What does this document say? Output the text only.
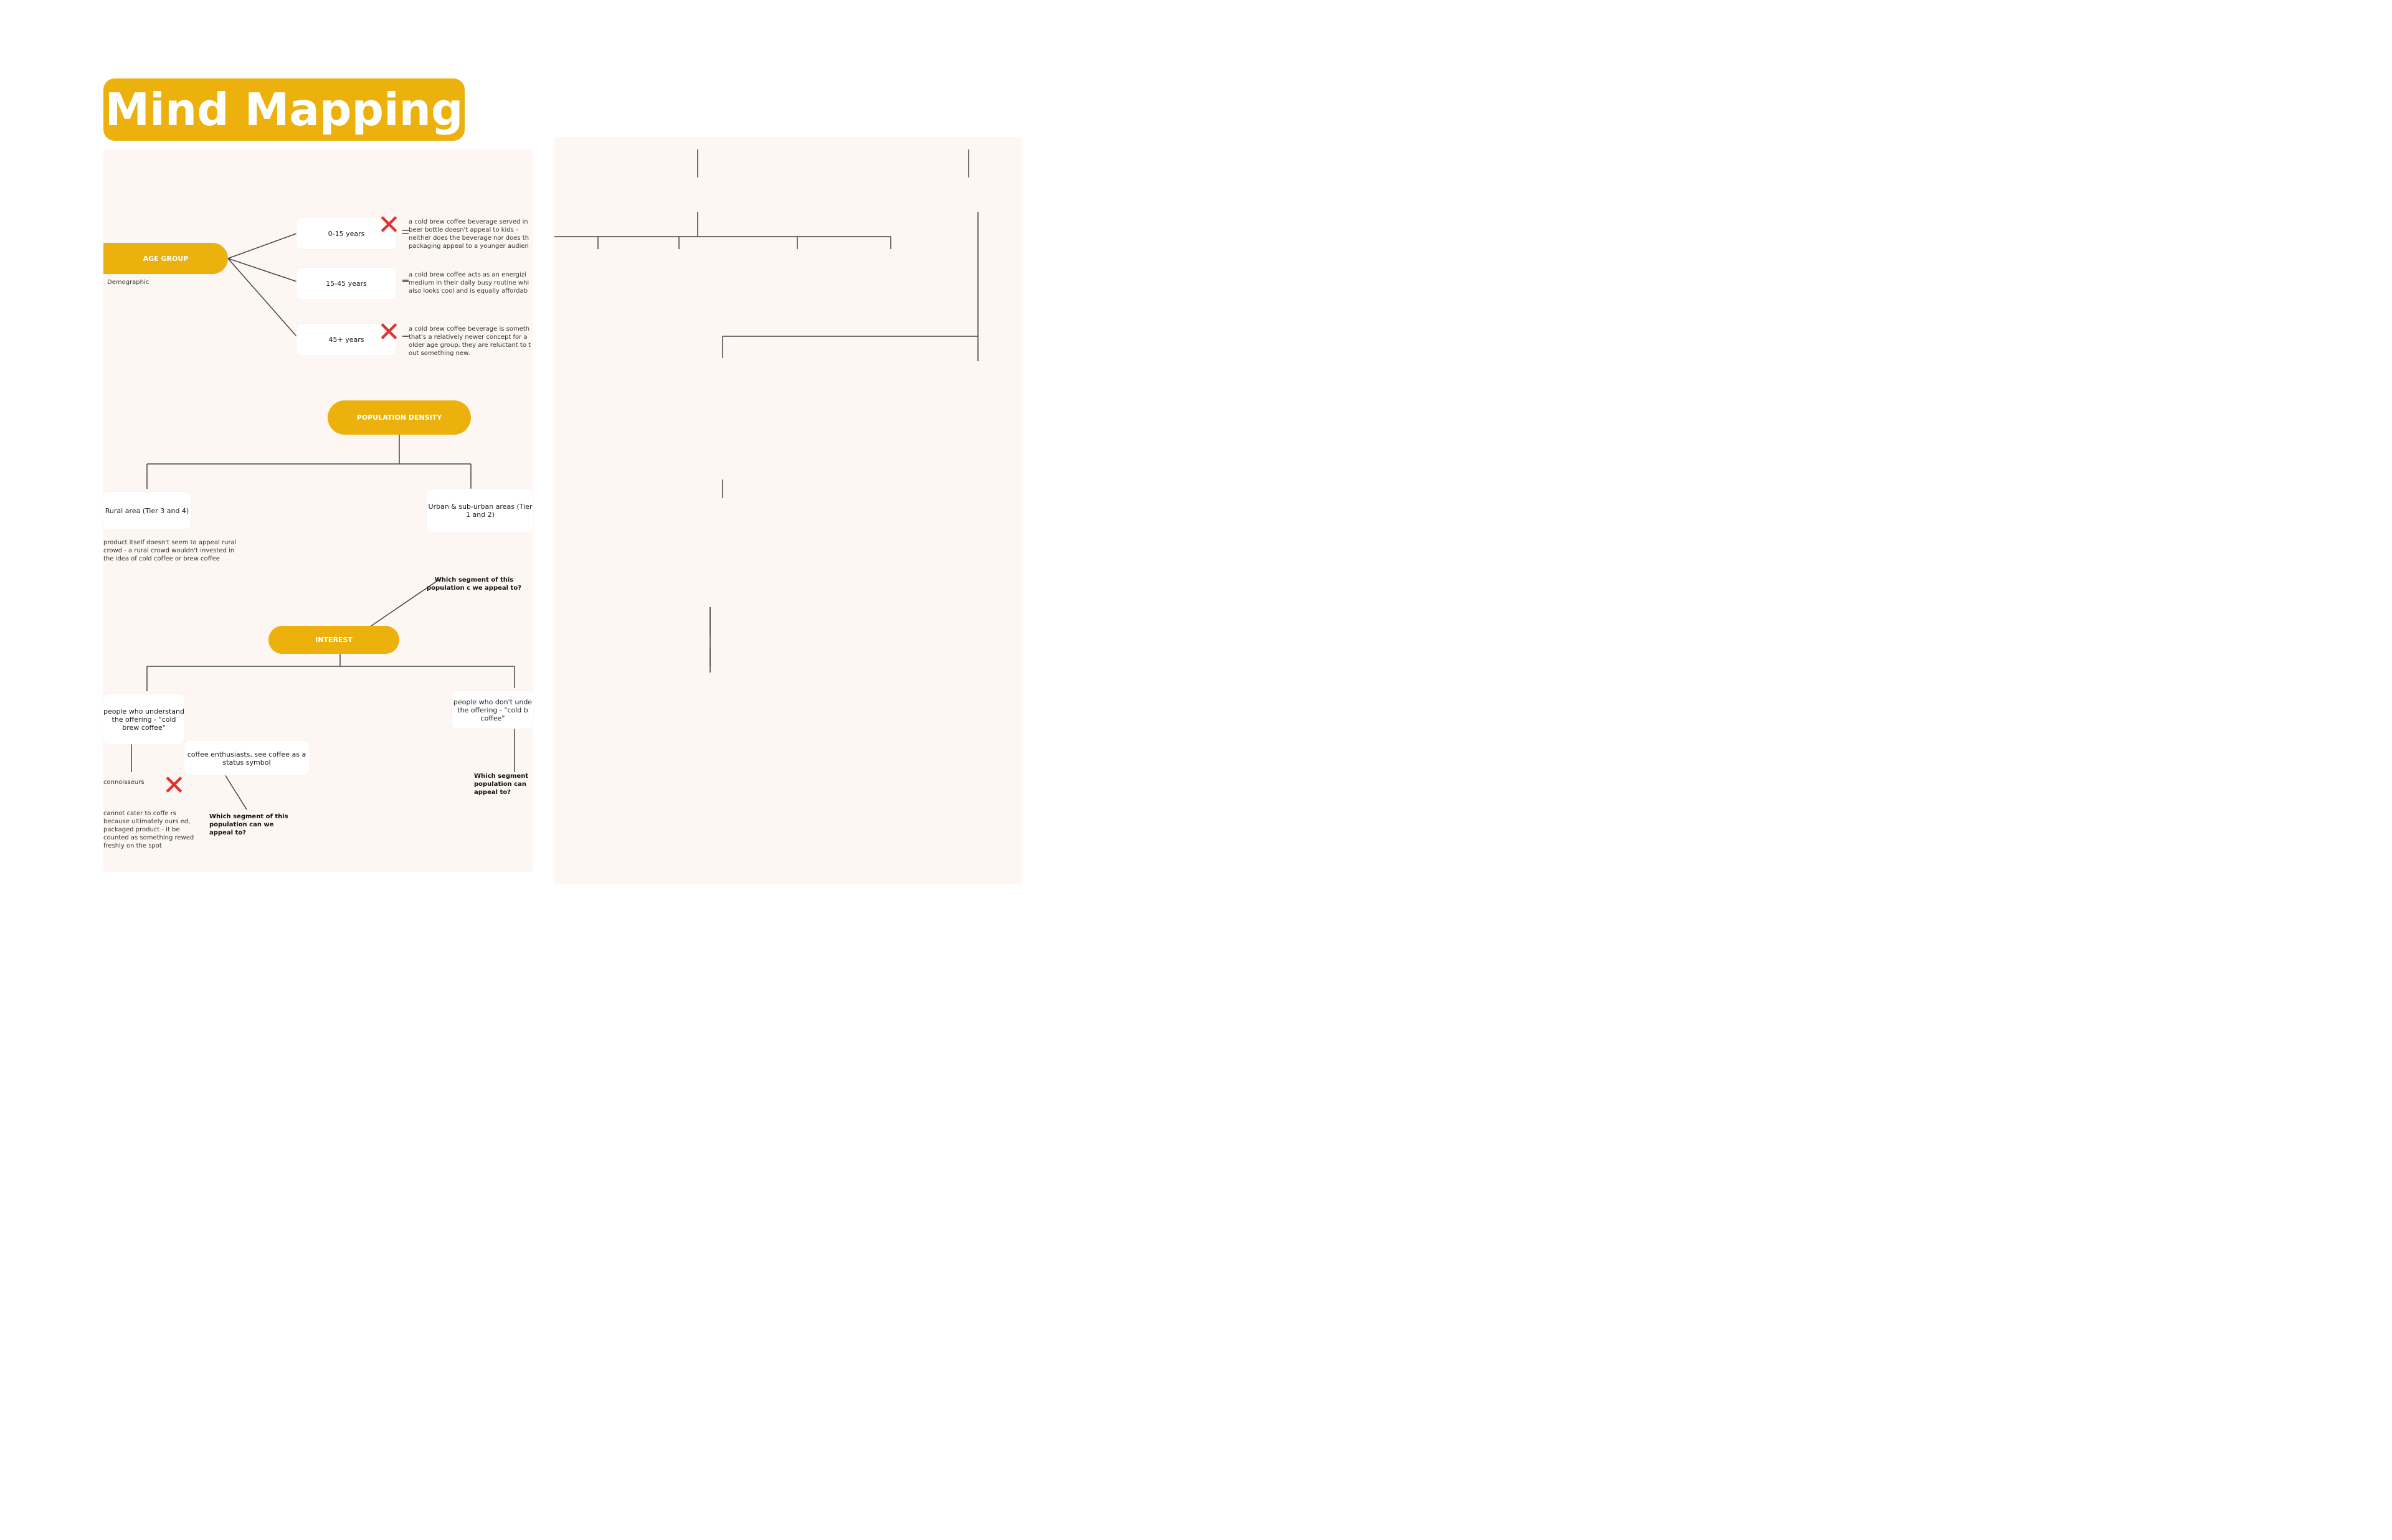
Mind Mapping
AGE GROUP
Demographic
0-15 years ✕ a cold brew coffee beverage served in beer bottle doesn't appeal to kids - neither does the beverage nor does th packaging appeal to a younger audien
15-45 years
a cold brew coffee acts as an energizi medium in their daily busy routine whi also looks cool and is equally affordab
45+ years ✕ a cold brew coffee beverage is someth that's a relatively newer concept for a older age group, they are reluctant to t out something new.
POPULATION DENSITY
Rural area (Tier 3 and 4)
product itself doesn't seem to appeal rural crowd - a rural crowd wouldn't invested in the idea of cold coffee or brew coffee
Urban & sub-urban areas (Tier 1 and 2)
Which segment of this population c we appeal to?
INTEREST
people who understand the offering - "cold brew coffee"
people who don't unde the offering - "cold b coffee"
coffee enthusiasts, see coffee as a status symbol
connoisseurs ✕
cannot cater to coffe rs because ultimately ours ed, packaged product - it be counted as something rewed freshly on the spot
Which segment of this population can we appeal to?
Which segment population can appeal to?
